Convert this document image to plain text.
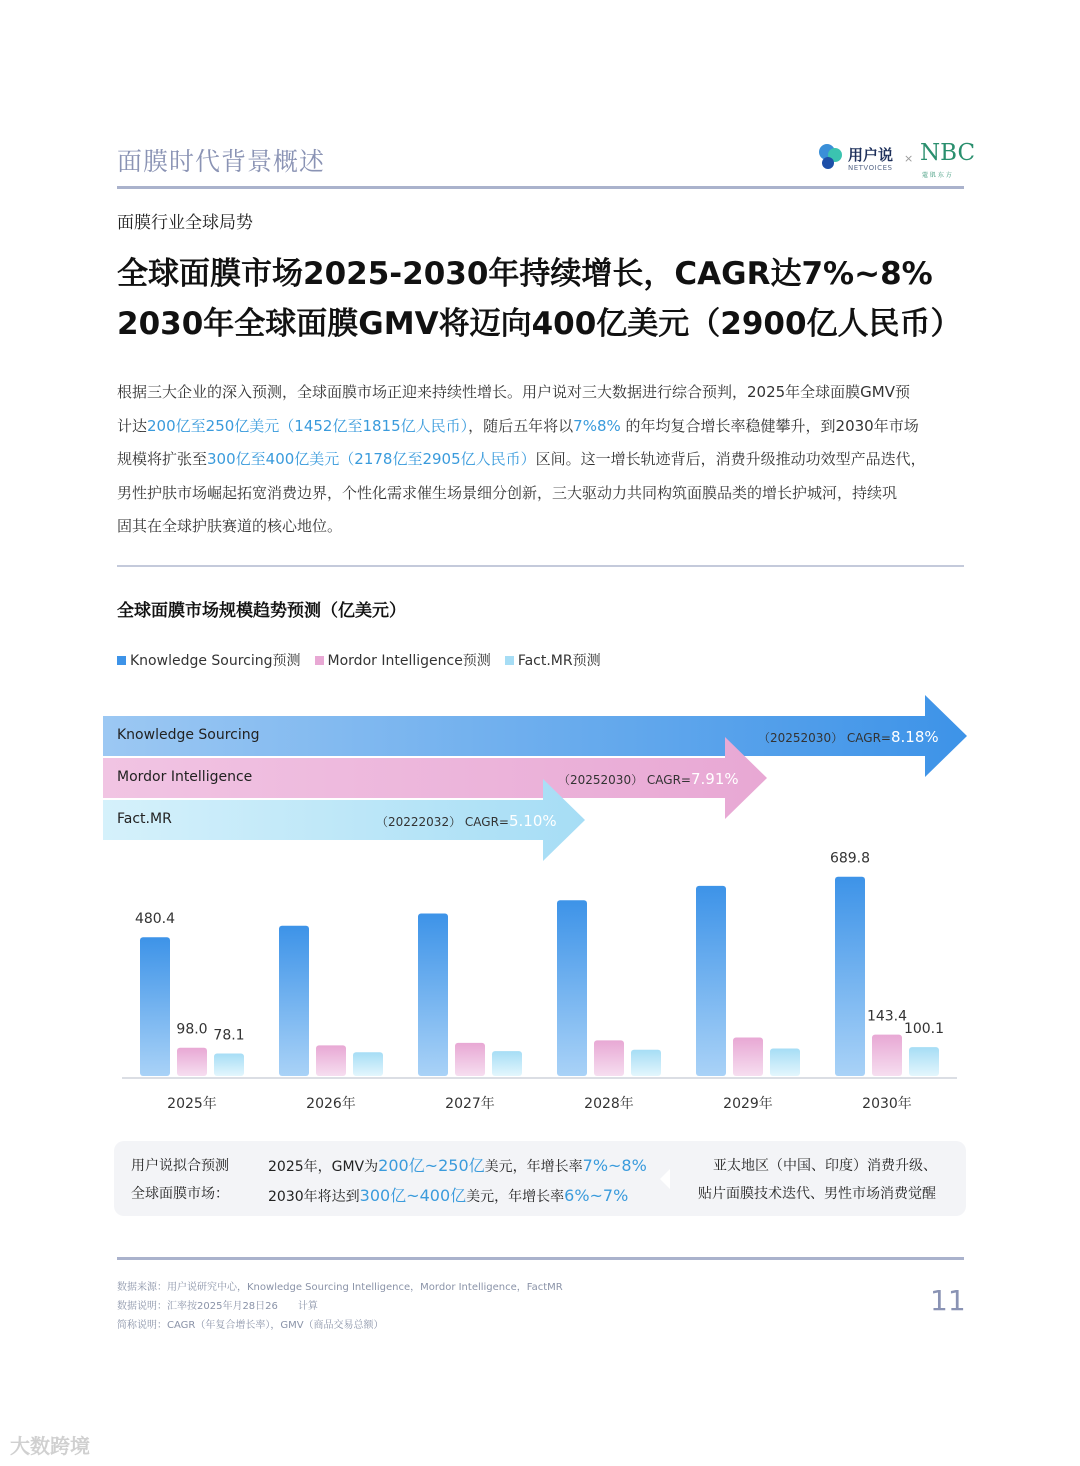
面膜时代背景概述	用户说
NETVOICES
× NBC
蔻 肌 东 方
面膜行业全球局势
全球面膜市场2025-2030年持续增长，CAGR达7%~8%
2030年全球面膜GMV将迈向400亿美元（2900亿人民币）
根据三大企业的深入预测，全球面膜市场正迎来持续性增长。用户说对三大数据进行综合预判，2025年全球面膜GMV预
计达200亿至250亿美元（1452亿至1815亿人民币），随后五年将以7%8% 的年均复合增长率稳健攀升，到2030年市场
规模将扩张至300亿至400亿美元（2178亿至2905亿人民币）区间。这一增长轨迹背后，消费升级推动功效型产品迭代，
男性护肤市场崛起拓宽消费边界，个性化需求催生场景细分创新，三大驱动力共同构筑面膜品类的增长护城河，持续巩
固其在全球护肤赛道的核心地位。
全球面膜市场规模趋势预测（亿美元）
Knowledge Sourcing预测 Mordor Intelligence预测 Fact.MR预测
Knowledge Sourcing	（20252030） CAGR=8.18%
Mordor Intelligence	（20252030） CAGR=7.91%
Fact.MR	（20222032） CAGR=5.10%
480.4
98.0 78.1
2025年	2026年	2027年	2028年	2029年
689.8
143.4
100.1
2030年
用户说拟合预测
全球面膜市场：
2025年，GMV为200亿~250亿美元，年增长率7%~8%
2030年将达到300亿~400亿美元，年增长率6%~7%
亚太地区（中国、印度）消费升级、
贴片面膜技术迭代、男性市场消费觉醒
数据来源：用户说研究中心，Knowledge Sourcing Intelligence，Mordor Intelligence，FactMR
数据说明：汇率按2025年月28日26　　计算
简称说明：CAGR（年复合增长率），GMV（商品交易总额）
11
大数跨境
